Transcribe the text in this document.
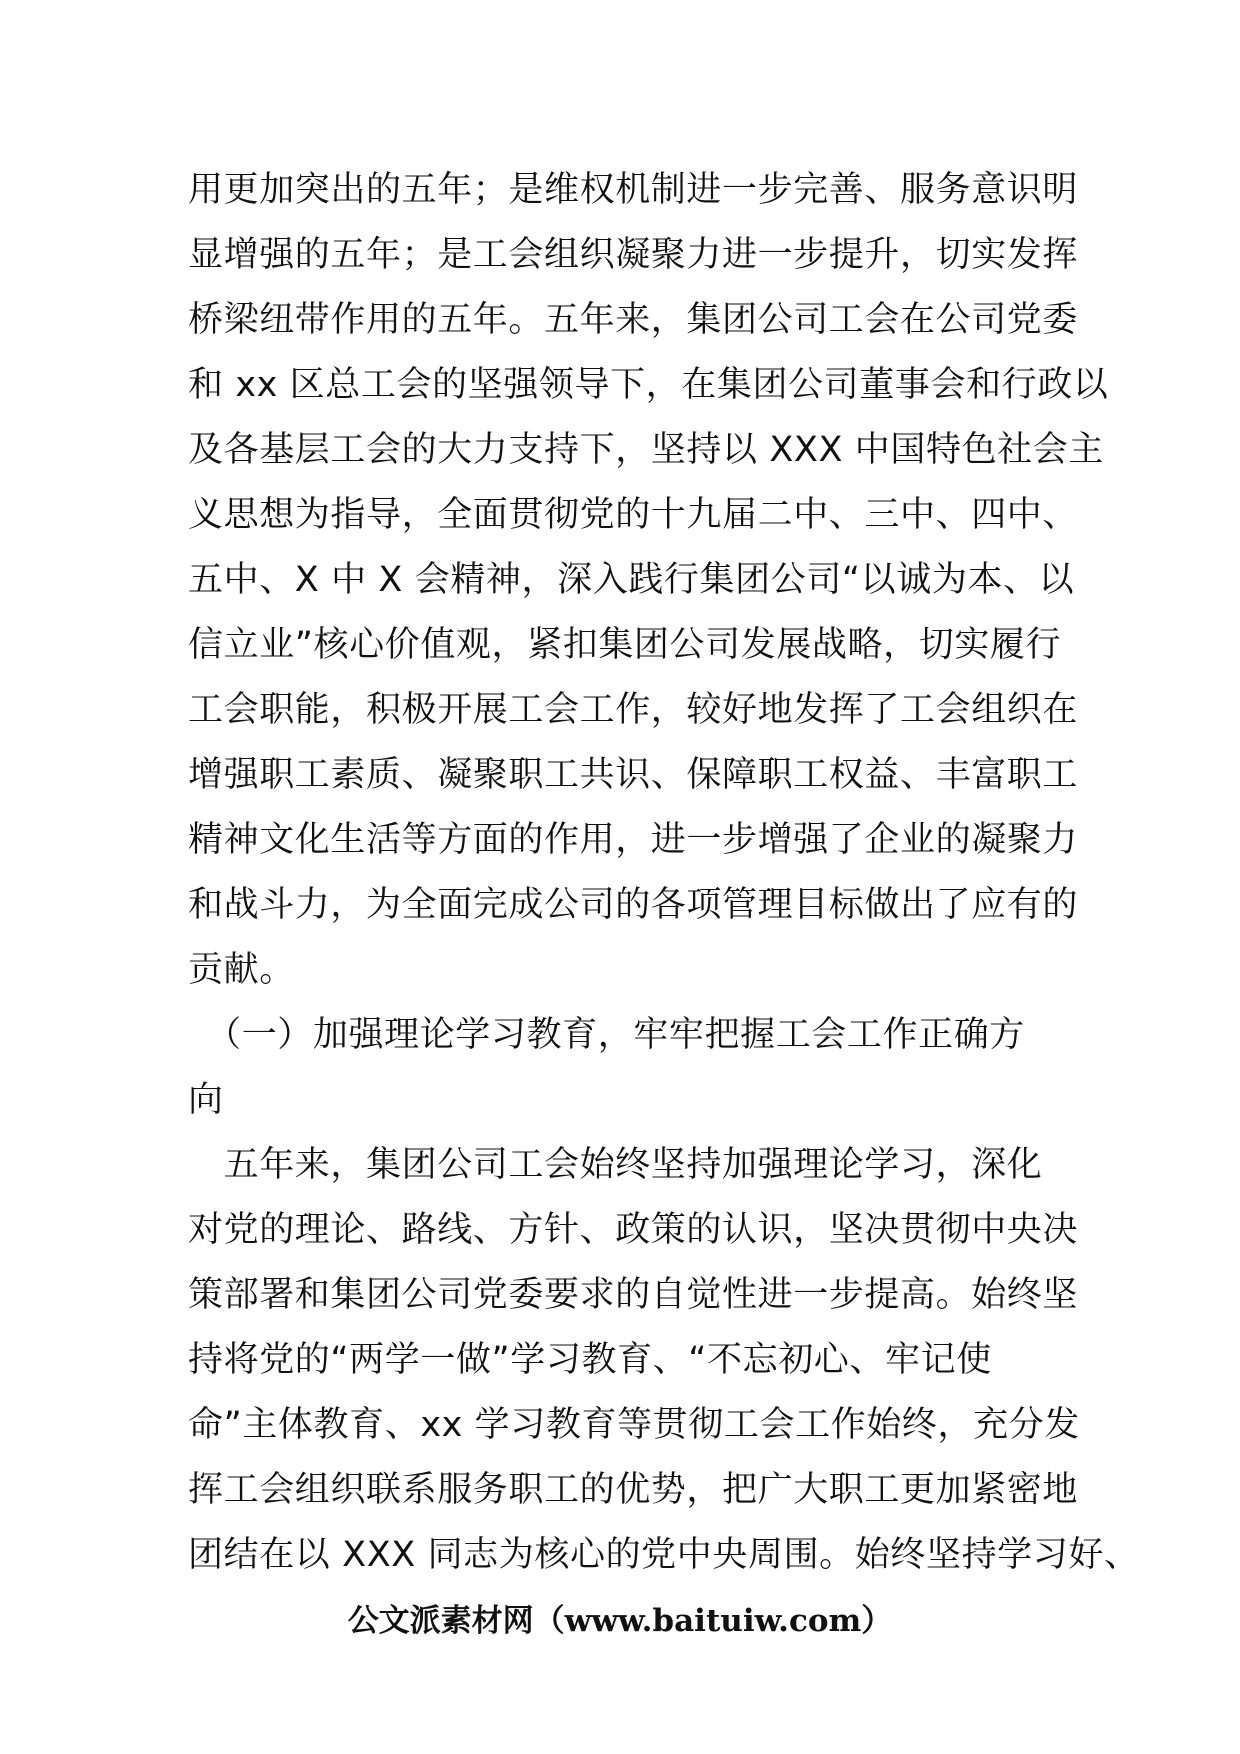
用更加突出的五年；是维权机制进一步完善、服务意识明
显增强的五年；是工会组织凝聚力进一步提升，切实发挥
桥梁纽带作用的五年。五年来，集团公司工会在公司党委
和 xx 区总工会的坚强领导下，在集团公司董事会和行政以
及各基层工会的大力支持下，坚持以 XXX 中国特色社会主
义思想为指导，全面贯彻党的十九届二中、三中、四中、
五中、X 中 X 会精神，深入践行集团公司“以诚为本、以
信立业”核心价值观，紧扣集团公司发展战略，切实履行
工会职能，积极开展工会工作，较好地发挥了工会组织在
增强职工素质、凝聚职工共识、保障职工权益、丰富职工
精神文化生活等方面的作用，进一步增强了企业的凝聚力
和战斗力，为全面完成公司的各项管理目标做出了应有的
贡献。
　（一）加强理论学习教育，牢牢把握工会工作正确方
向
　五年来，集团公司工会始终坚持加强理论学习，深化
对党的理论、路线、方针、政策的认识，坚决贯彻中央决
策部署和集团公司党委要求的自觉性进一步提高。始终坚
持将党的“两学一做”学习教育、“不忘初心、牢记使
命”主体教育、xx 学习教育等贯彻工会工作始终，充分发
挥工会组织联系服务职工的优势，把广大职工更加紧密地
团结在以 XXX 同志为核心的党中央周围。始终坚持学习好、
公文派素材网（www.baituiw.com）
